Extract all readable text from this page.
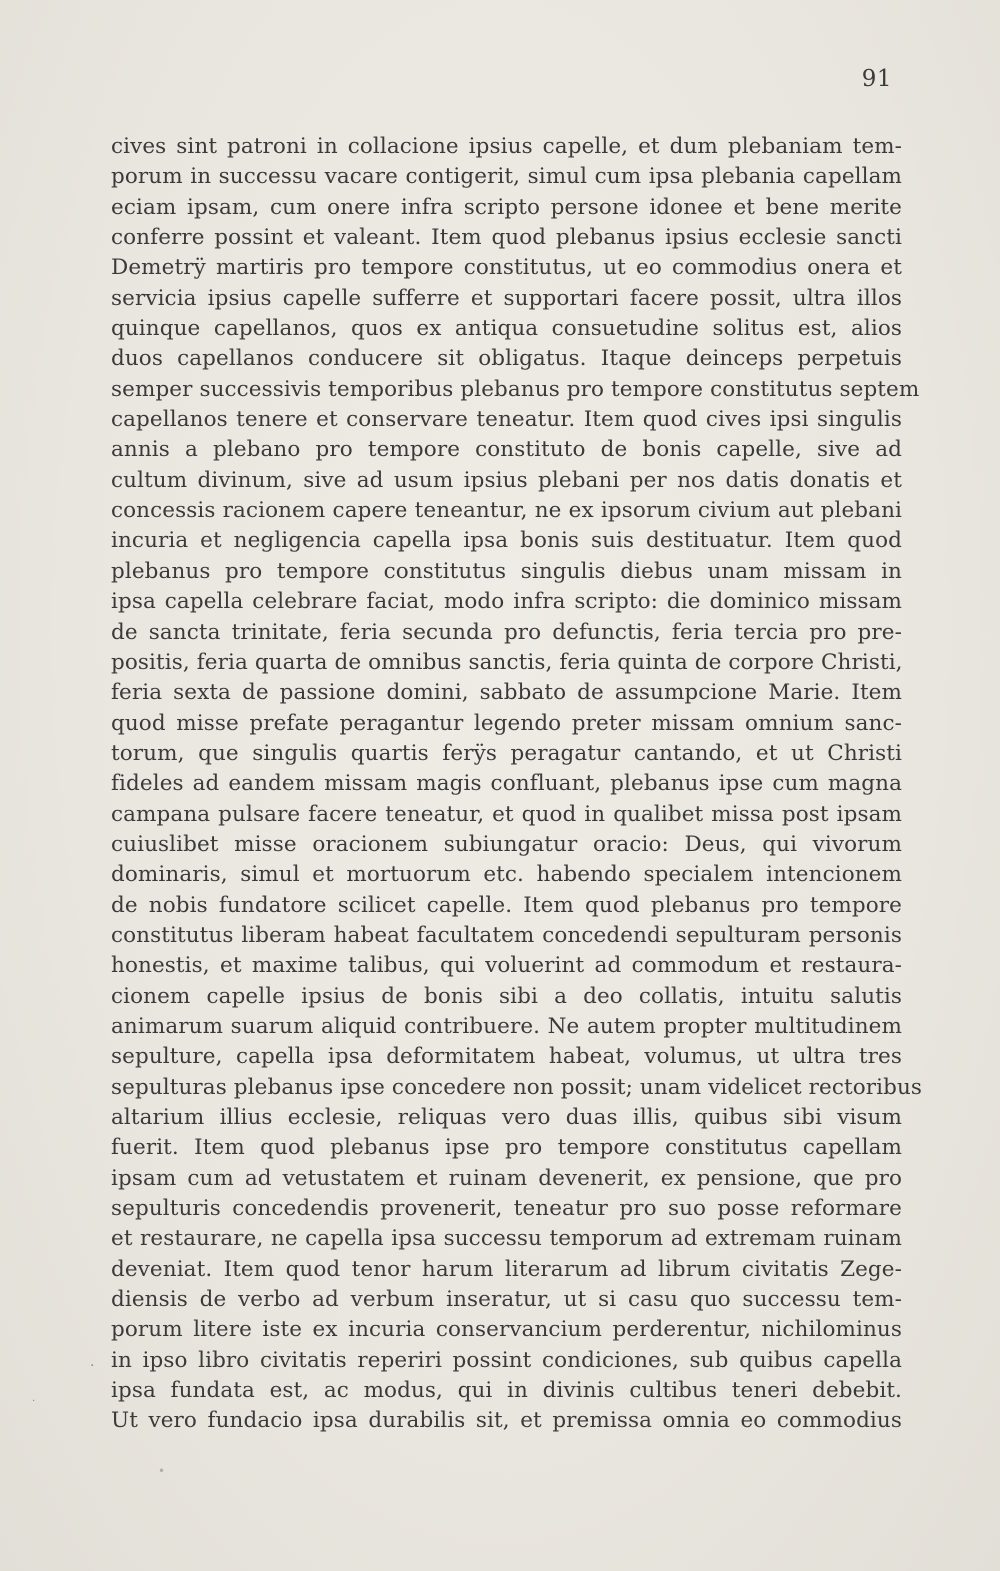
91
cives sint patroni in collacione ipsius capelle, et dum plebaniam tem-
porum in successu vacare contigerit, simul cum ipsa plebania capellam
eciam ipsam, cum onere infra scripto persone idonee et bene merite
conferre possint et valeant. Item quod plebanus ipsius ecclesie sancti
Demetrÿ martiris pro tempore constitutus, ut eo commodius onera et
servicia ipsius capelle sufferre et supportari facere possit, ultra illos
quinque capellanos, quos ex antiqua consuetudine solitus est, alios
duos capellanos conducere sit obligatus. Itaque deinceps perpetuis
semper successivis temporibus plebanus pro tempore constitutus septem
capellanos tenere et conservare teneatur. Item quod cives ipsi singulis
annis a plebano pro tempore constituto de bonis capelle, sive ad
cultum divinum, sive ad usum ipsius plebani per nos datis donatis et
concessis racionem capere teneantur, ne ex ipsorum civium aut plebani
incuria et negligencia capella ipsa bonis suis destituatur. Item quod
plebanus pro tempore constitutus singulis diebus unam missam in
ipsa capella celebrare faciat, modo infra scripto: die dominico missam
de sancta trinitate, feria secunda pro defunctis, feria tercia pro pre-
positis, feria quarta de omnibus sanctis, feria quinta de corpore Christi,
feria sexta de passione domini, sabbato de assumpcione Marie. Item
quod misse prefate peragantur legendo preter missam omnium sanc-
torum, que singulis quartis ferÿs peragatur cantando, et ut Christi
fideles ad eandem missam magis confluant, plebanus ipse cum magna
campana pulsare facere teneatur, et quod in qualibet missa post ipsam
cuiuslibet misse oracionem subiungatur oracio: Deus, qui vivorum
dominaris, simul et mortuorum etc. habendo specialem intencionem
de nobis fundatore scilicet capelle. Item quod plebanus pro tempore
constitutus liberam habeat facultatem concedendi sepulturam personis
honestis, et maxime talibus, qui voluerint ad commodum et restaura-
cionem capelle ipsius de bonis sibi a deo collatis, intuitu salutis
animarum suarum aliquid contribuere. Ne autem propter multitudinem
sepulture, capella ipsa deformitatem habeat, volumus, ut ultra tres
sepulturas plebanus ipse concedere non possit; unam videlicet rectoribus
altarium illius ecclesie, reliquas vero duas illis, quibus sibi visum
fuerit. Item quod plebanus ipse pro tempore constitutus capellam
ipsam cum ad vetustatem et ruinam devenerit, ex pensione, que pro
sepulturis concedendis provenerit, teneatur pro suo posse reformare
et restaurare, ne capella ipsa successu temporum ad extremam ruinam
deveniat. Item quod tenor harum literarum ad librum civitatis Zege-
diensis de verbo ad verbum inseratur, ut si casu quo successu tem-
porum litere iste ex incuria conservancium perderentur, nichilominus
in ipso libro civitatis reperiri possint condiciones, sub quibus capella
ipsa fundata est, ac modus, qui in divinis cultibus teneri debebit.
Ut vero fundacio ipsa durabilis sit, et premissa omnia eo commodius
·
·
•
